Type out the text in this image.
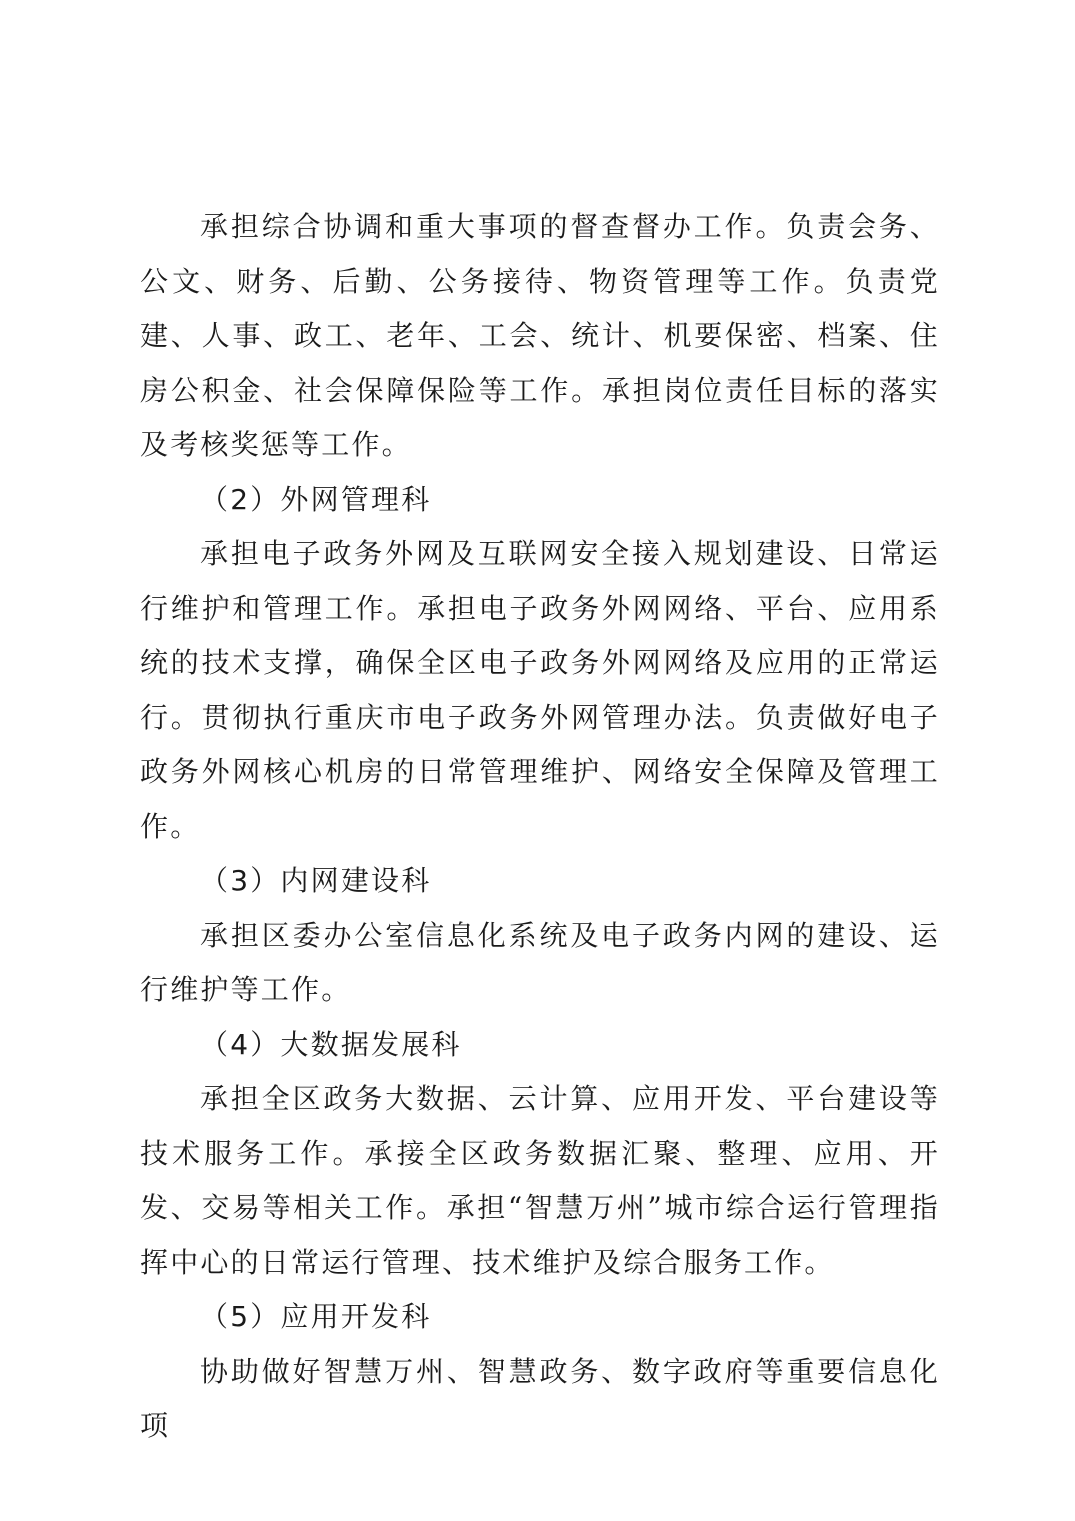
承担综合协调和重大事项的督查督办工作。负责会务、公文、财务、后勤、公务接待、物资管理等工作。负责党建、人事、政工、老年、工会、统计、机要保密、档案、住房公积金、社会保障保险等工作。承担岗位责任目标的落实及考核奖惩等工作。

（2）外网管理科

承担电子政务外网及互联网安全接入规划建设、日常运行维护和管理工作。承担电子政务外网网络、平台、应用系统的技术支撑，确保全区电子政务外网网络及应用的正常运行。贯彻执行重庆市电子政务外网管理办法。负责做好电子政务外网核心机房的日常管理维护、网络安全保障及管理工作。

（3）内网建设科

承担区委办公室信息化系统及电子政务内网的建设、运行维护等工作。

（4）大数据发展科

承担全区政务大数据、云计算、应用开发、平台建设等技术服务工作。承接全区政务数据汇聚、整理、应用、开发、交易等相关工作。承担“智慧万州”城市综合运行管理指挥中心的日常运行管理、技术维护及综合服务工作。

（5）应用开发科

协助做好智慧万州、智慧政务、数字政府等重要信息化项
